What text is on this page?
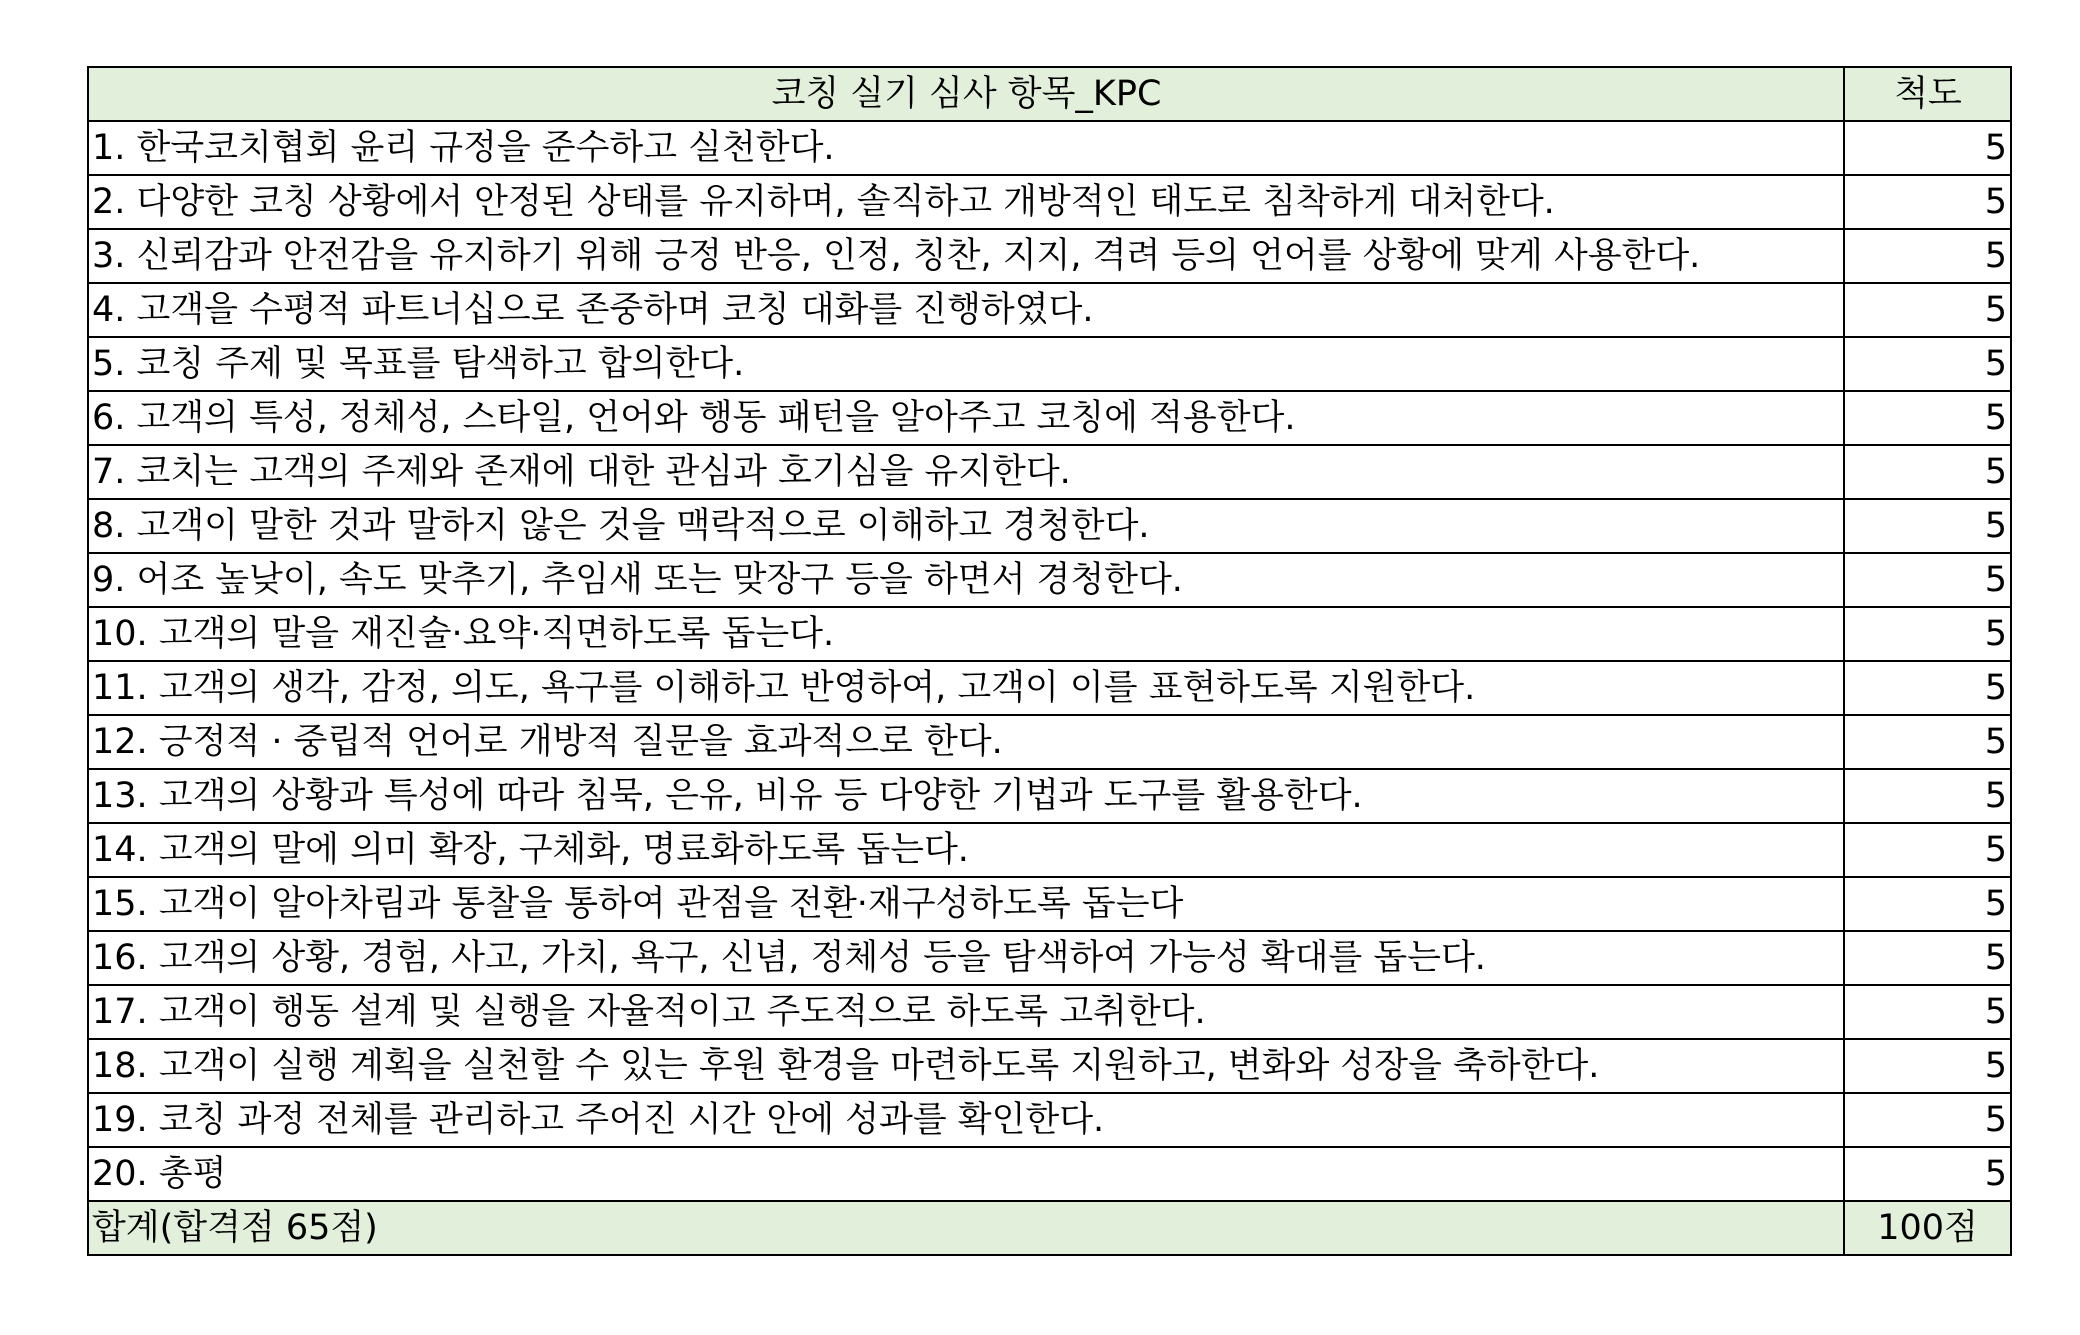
코칭 실기 심사 항목_KPC	척도
1. 한국코치협회 윤리 규정을 준수하고 실천한다.	5
2. 다양한 코칭 상황에서 안정된 상태를 유지하며, 솔직하고 개방적인 태도로 침착하게 대처한다.	5
3. 신뢰감과 안전감을 유지하기 위해 긍정 반응, 인정, 칭찬, 지지, 격려 등의 언어를 상황에 맞게 사용한다.	5
4. 고객을 수평적 파트너십으로 존중하며 코칭 대화를 진행하였다.	5
5. 코칭 주제 및 목표를 탐색하고 합의한다.	5
6. 고객의 특성, 정체성, 스타일, 언어와 행동 패턴을 알아주고 코칭에 적용한다.	5
7. 코치는 고객의 주제와 존재에 대한 관심과 호기심을 유지한다.	5
8. 고객이 말한 것과 말하지 않은 것을 맥락적으로 이해하고 경청한다.	5
9. 어조 높낮이, 속도 맞추기, 추임새 또는 맞장구 등을 하면서 경청한다.	5
10. 고객의 말을 재진술·요약·직면하도록 돕는다.	5
11. 고객의 생각, 감정, 의도, 욕구를 이해하고 반영하여, 고객이 이를 표현하도록 지원한다.	5
12. 긍정적 · 중립적 언어로 개방적 질문을 효과적으로 한다.	5
13. 고객의 상황과 특성에 따라 침묵, 은유, 비유 등 다양한 기법과 도구를 활용한다.	5
14. 고객의 말에 의미 확장, 구체화, 명료화하도록 돕는다.	5
15. 고객이 알아차림과 통찰을 통하여 관점을 전환·재구성하도록 돕는다	5
16. 고객의 상황, 경험, 사고, 가치, 욕구, 신념, 정체성 등을 탐색하여 가능성 확대를 돕는다.	5
17. 고객이 행동 설계 및 실행을 자율적이고 주도적으로 하도록 고취한다.	5
18. 고객이 실행 계획을 실천할 수 있는 후원 환경을 마련하도록 지원하고, 변화와 성장을 축하한다.	5
19. 코칭 과정 전체를 관리하고 주어진 시간 안에 성과를 확인한다.	5
20. 총평	5
합계(합격점 65점)	100점
